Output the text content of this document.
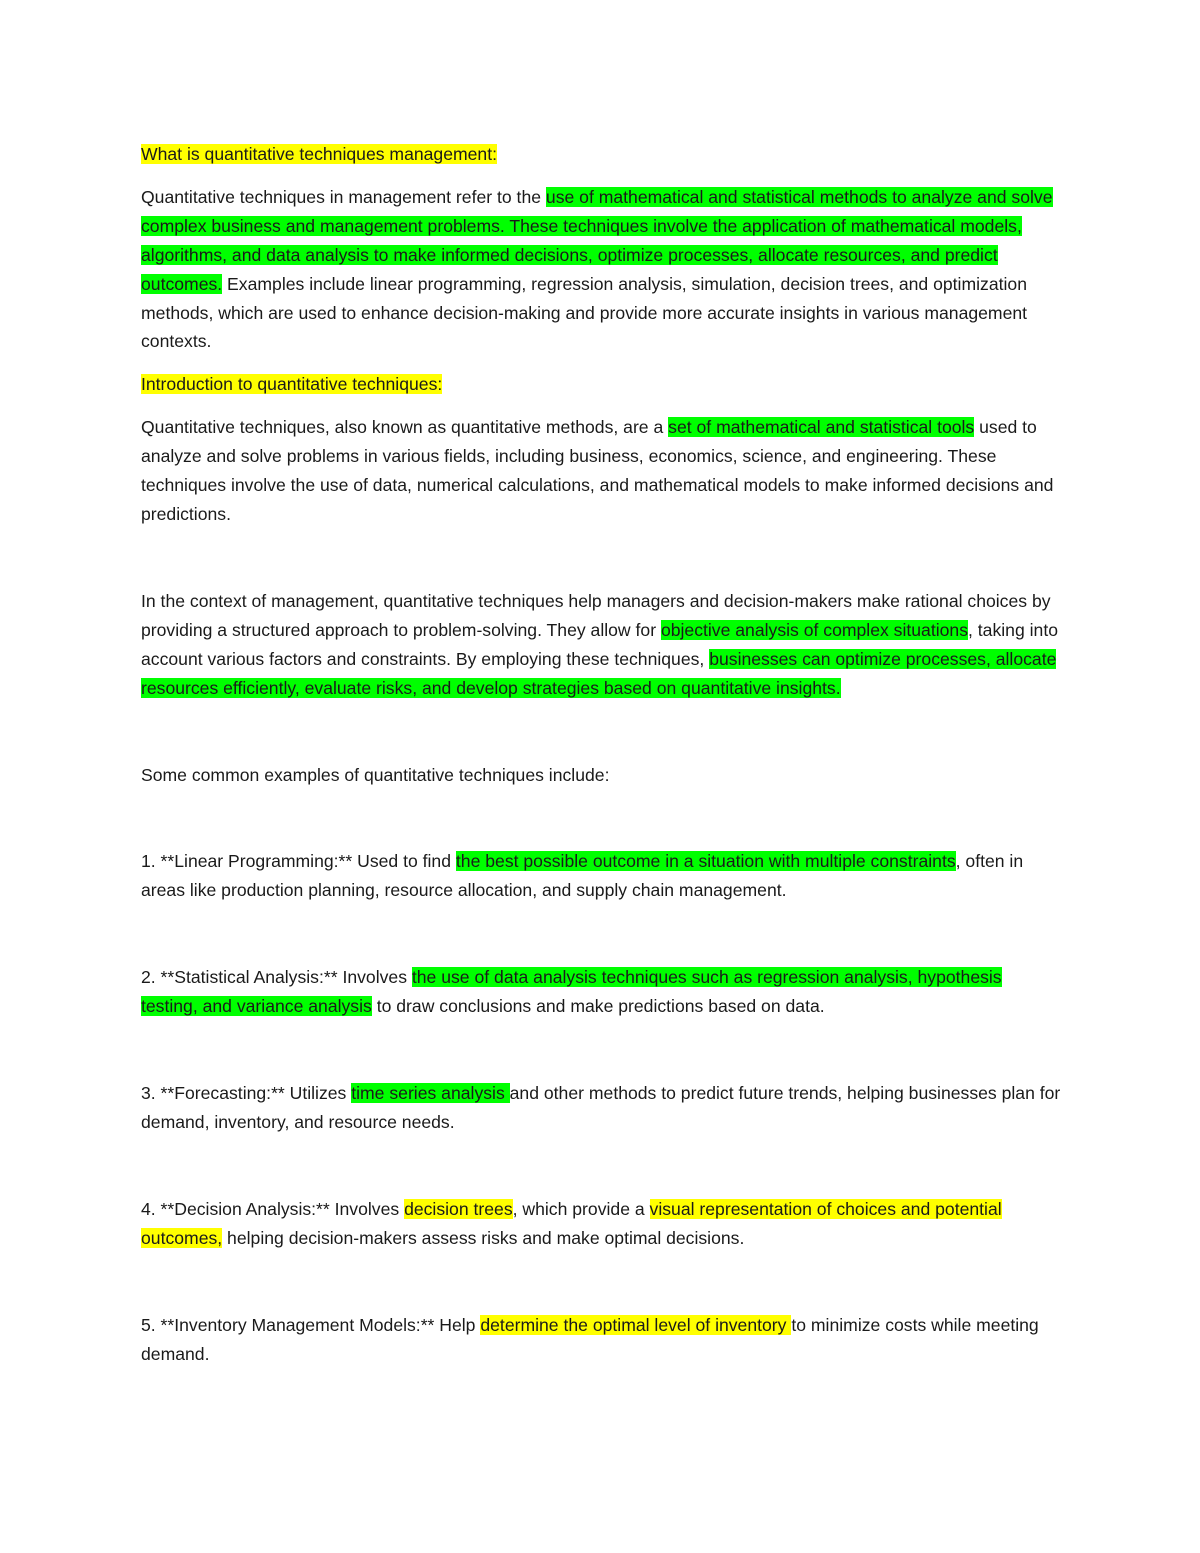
What is quantitative techniques management:

Quantitative techniques in management refer to the use of mathematical and statistical methods to analyze and solve complex business and management problems. These techniques involve the application of mathematical models, algorithms, and data analysis to make informed decisions, optimize processes, allocate resources, and predict outcomes. Examples include linear programming, regression analysis, simulation, decision trees, and optimization methods, which are used to enhance decision-making and provide more accurate insights in various management contexts.

Introduction to quantitative techniques:

Quantitative techniques, also known as quantitative methods, are a set of mathematical and statistical tools used to analyze and solve problems in various fields, including business, economics, science, and engineering. These techniques involve the use of data, numerical calculations, and mathematical models to make informed decisions and predictions.

In the context of management, quantitative techniques help managers and decision-makers make rational choices by providing a structured approach to problem-solving. They allow for objective analysis of complex situations, taking into account various factors and constraints. By employing these techniques, businesses can optimize processes, allocate resources efficiently, evaluate risks, and develop strategies based on quantitative insights.

Some common examples of quantitative techniques include:

1. **Linear Programming:** Used to find the best possible outcome in a situation with multiple constraints, often in areas like production planning, resource allocation, and supply chain management.

2. **Statistical Analysis:** Involves the use of data analysis techniques such as regression analysis, hypothesis testing, and variance analysis to draw conclusions and make predictions based on data.

3. **Forecasting:** Utilizes time series analysis and other methods to predict future trends, helping businesses plan for demand, inventory, and resource needs.

4. **Decision Analysis:** Involves decision trees, which provide a visual representation of choices and potential outcomes, helping decision-makers assess risks and make optimal decisions.

5. **Inventory Management Models:** Help determine the optimal level of inventory to minimize costs while meeting demand.
